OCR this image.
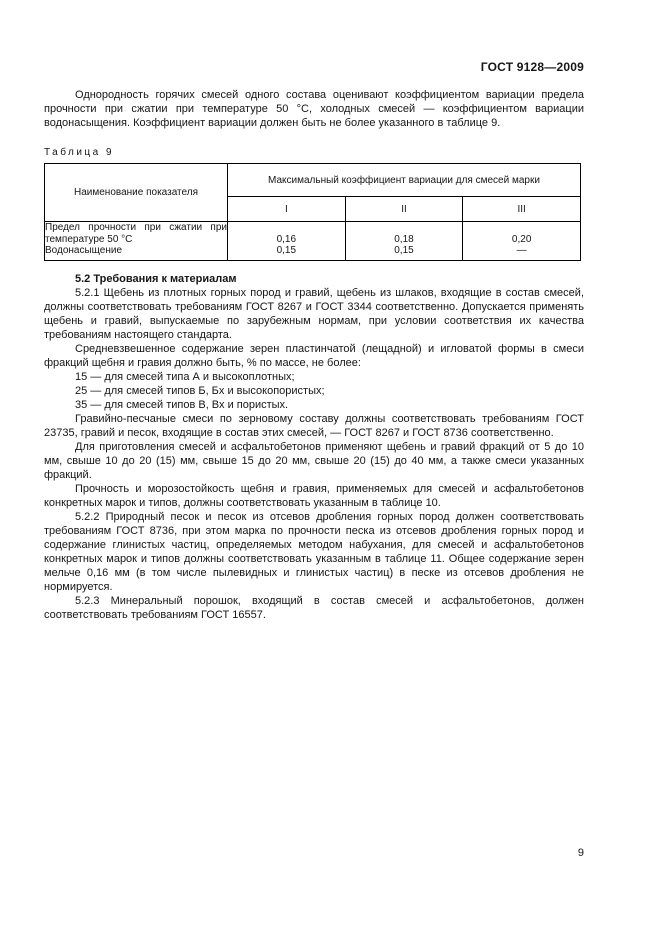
ГОСТ 9128—2009

Однородность горячих смесей одного состава оценивают коэффициентом вариации предела прочности при сжатии при температуре 50 °С, холодных смесей — коэффициентом вариации водонасыщения. Коэффициент вариации должен быть не более указанного в таблице 9.

Таблица 9
Наименование показателя	Максимальный коэффициент вариации для смесей марки		
	I	II	III
Предел прочности при сжатии при температуре 50 °С	0,16	0,18	0,20
Водонасыщение	0,15	0,15	—
5.2 Требования к материалам

5.2.1 Щебень из плотных горных пород и гравий, щебень из шлаков, входящие в состав смесей, должны соответствовать требованиям ГОСТ 8267 и ГОСТ 3344 соответственно. Допускается применять щебень и гравий, выпускаемые по зарубежным нормам, при условии соответствия их качества требованиям настоящего стандарта.

Средневзвешенное содержание зерен пластинчатой (лещадной) и игловатой формы в смеси фракций щебня и гравия должно быть, % по массе, не более:

15 — для смесей типа А и высокоплотных;
25 — для смесей типов Б, Бх и высокопористых;
35 — для смесей типов В, Вх и пористых.

Гравийно-песчаные смеси по зерновому составу должны соответствовать требованиям ГОСТ 23735, гравий и песок, входящие в состав этих смесей, — ГОСТ 8267 и ГОСТ 8736 соответственно.

Для приготовления смесей и асфальтобетонов применяют щебень и гравий фракций от 5 до 10 мм, свыше 10 до 20 (15) мм, свыше 15 до 20 мм, свыше 20 (15) до 40 мм, а также смеси указанных фракций.

Прочность и морозостойкость щебня и гравия, применяемых для смесей и асфальтобетонов конкретных марок и типов, должны соответствовать указанным в таблице 10.

5.2.2 Природный песок и песок из отсевов дробления горных пород должен соответствовать требованиям ГОСТ 8736, при этом марка по прочности песка из отсевов дробления горных пород и содержание глинистых частиц, определяемых методом набухания, для смесей и асфальтобетонов конкретных марок и типов должны соответствовать указанным в таблице 11. Общее содержание зерен мельче 0,16 мм (в том числе пылевидных и глинистых частиц) в песке из отсевов дробления не нормируется.

5.2.3 Минеральный порошок, входящий в состав смесей и асфальтобетонов, должен соответствовать требованиям ГОСТ 16557.

9
